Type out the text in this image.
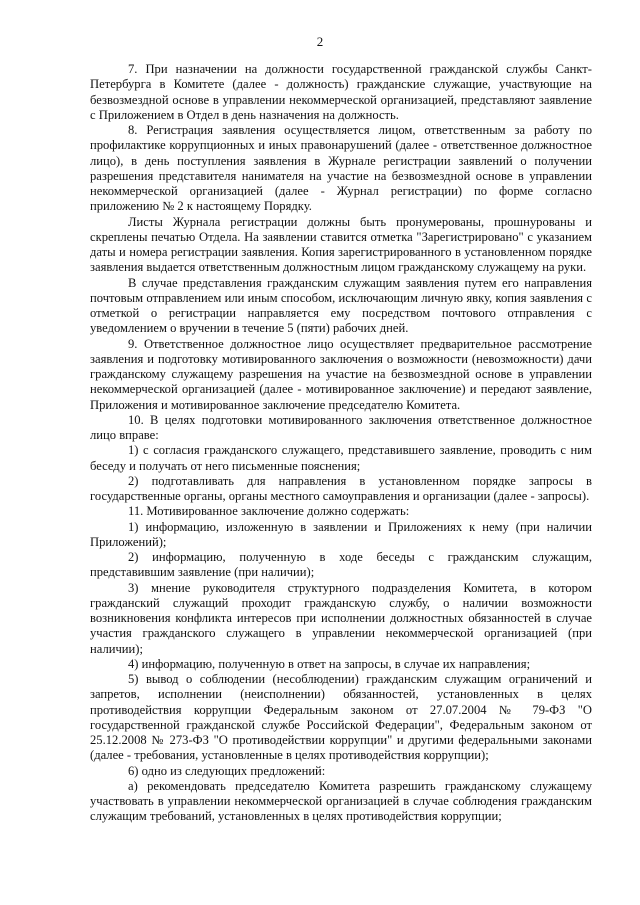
2

7. При назначении на должности государственной гражданской службы Санкт-Петербурга в Комитете (далее - должность) гражданские служащие, участвующие на безвозмездной основе в управлении некоммерческой организацией, представляют заявление с Приложением в Отдел в день назначения на должность.

8. Регистрация заявления осуществляется лицом, ответственным за работу по профилактике коррупционных и иных правонарушений (далее - ответственное должностное лицо), в день поступления заявления в Журнале регистрации заявлений о получении разрешения представителя нанимателя на участие на безвозмездной основе в управлении некоммерческой организацией (далее - Журнал регистрации) по форме согласно приложению № 2 к настоящему Порядку.

Листы Журнала регистрации должны быть пронумерованы, прошнурованы и скреплены печатью Отдела. На заявлении ставится отметка "Зарегистрировано" с указанием даты и номера регистрации заявления. Копия зарегистрированного в установленном порядке заявления выдается ответственным должностным лицом гражданскому служащему на руки.

В случае представления гражданским служащим заявления путем его направления почтовым отправлением или иным способом, исключающим личную явку, копия заявления с отметкой о регистрации направляется ему посредством почтового отправления с уведомлением о вручении в течение 5 (пяти) рабочих дней.

9. Ответственное должностное лицо осуществляет предварительное рассмотрение заявления и подготовку мотивированного заключения о возможности (невозможности) дачи гражданскому служащему разрешения на участие на безвозмездной основе в управлении некоммерческой организацией (далее - мотивированное заключение) и передают заявление, Приложения и мотивированное заключение председателю Комитета.

10. В целях подготовки мотивированного заключения ответственное должностное лицо вправе:

1) с согласия гражданского служащего, представившего заявление, проводить с ним беседу и получать от него письменные пояснения;

2) подготавливать для направления в установленном порядке запросы в государственные органы, органы местного самоуправления и организации (далее - запросы).

11. Мотивированное заключение должно содержать:

1) информацию, изложенную в заявлении и Приложениях к нему (при наличии Приложений);

2) информацию, полученную в ходе беседы с гражданским служащим, представившим заявление (при наличии);

3) мнение руководителя структурного подразделения Комитета, в котором гражданский служащий проходит гражданскую службу, о наличии возможности возникновения конфликта интересов при исполнении должностных обязанностей в случае участия гражданского служащего в управлении некоммерческой организацией (при наличии);

4) информацию, полученную в ответ на запросы, в случае их направления;

5) вывод о соблюдении (несоблюдении) гражданским служащим ограничений и запретов, исполнении (неисполнении) обязанностей, установленных в целях противодействия коррупции Федеральным законом от 27.07.2004 № 79-ФЗ "О государственной гражданской службе Российской Федерации", Федеральным законом от 25.12.2008 № 273-ФЗ "О противодействии коррупции" и другими федеральными законами (далее - требования, установленные в целях противодействия коррупции);

6) одно из следующих предложений:

а) рекомендовать председателю Комитета разрешить гражданскому служащему участвовать в управлении некоммерческой организацией в случае соблюдения гражданским служащим требований, установленных в целях противодействия коррупции;
